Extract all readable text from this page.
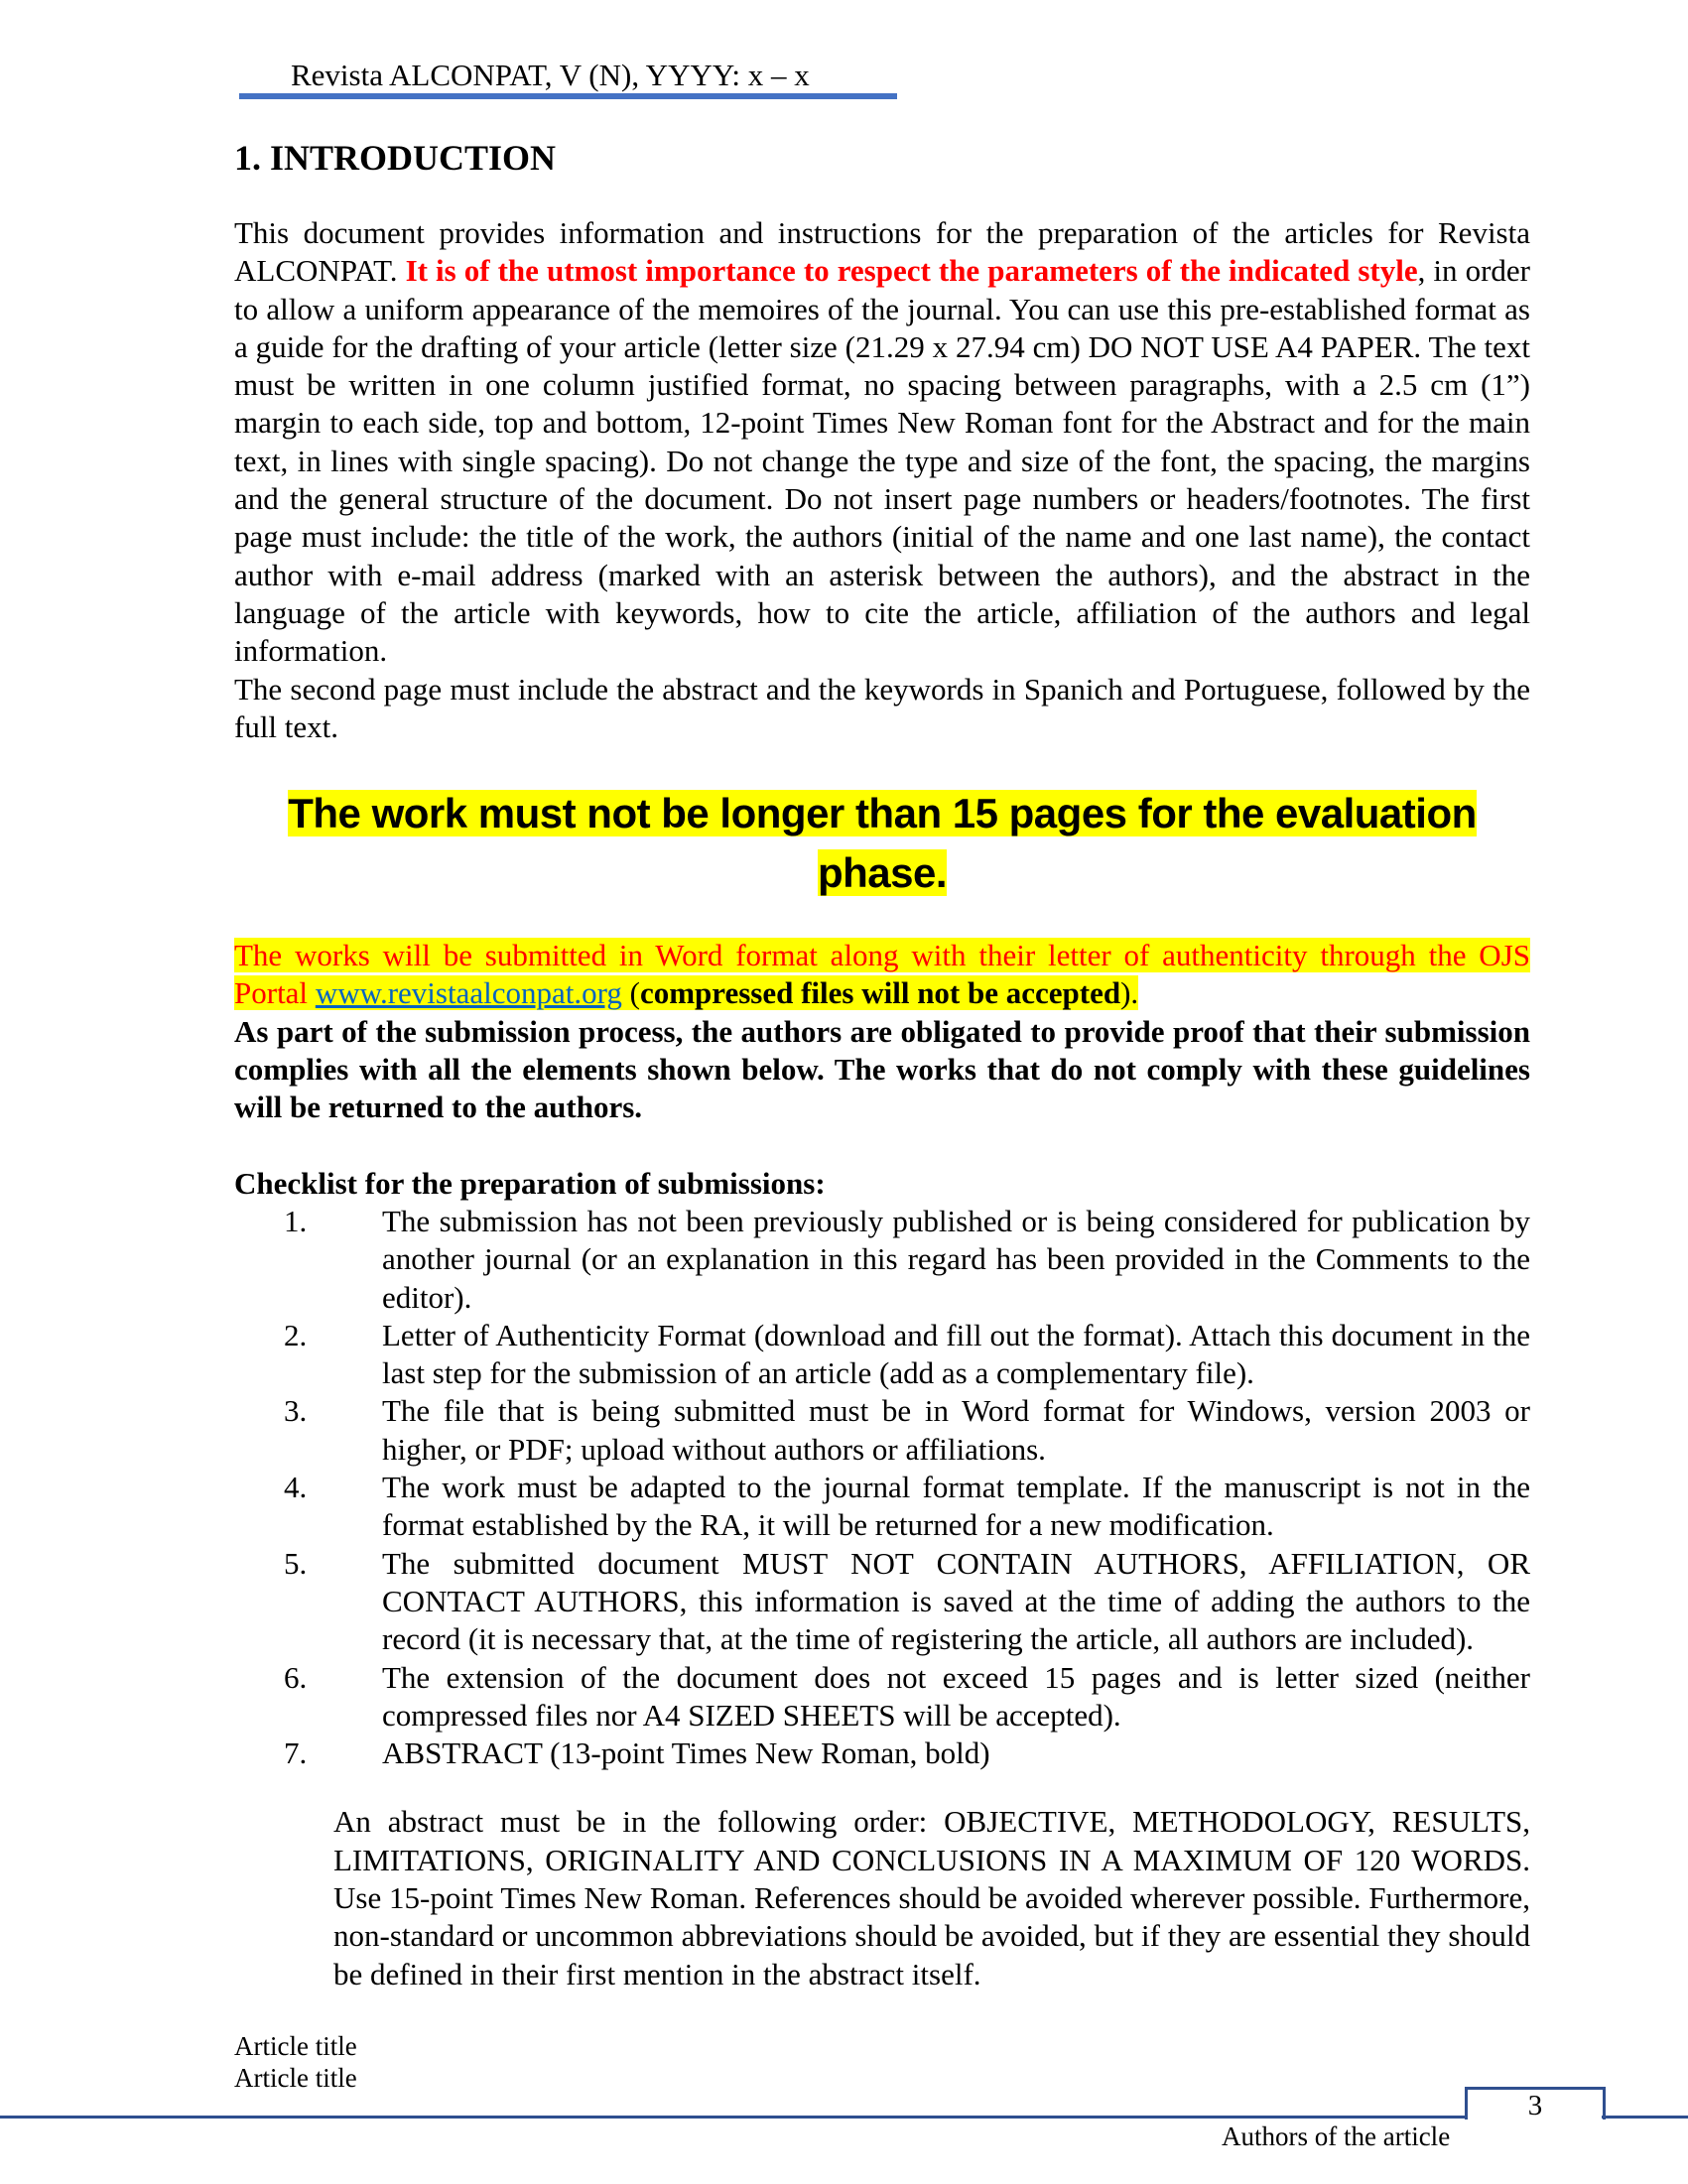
Revista ALCONPAT, V (N), YYYY: x – x
1. INTRODUCTION

This document provides information and instructions for the preparation of the articles for Revista ALCONPAT. It is of the utmost importance to respect the parameters of the indicated style, in order to allow a uniform appearance of the memoires of the journal. You can use this pre-established format as a guide for the drafting of your article (letter size (21.29 x 27.94 cm) DO NOT USE A4 PAPER. The text must be written in one column justified format, no spacing between paragraphs, with a 2.5 cm (1”) margin to each side, top and bottom, 12-point Times New Roman font for the Abstract and for the main text, in lines with single spacing). Do not change the type and size of the font, the spacing, the margins and the general structure of the document. Do not insert page numbers or headers/footnotes. The first page must include: the title of the work, the authors (initial of the name and one last name), the contact author with e-mail address (marked with an asterisk between the authors), and the abstract in the language of the article with keywords, how to cite the article, affiliation of the authors and legal information.

The second page must include the abstract and the keywords in Spanich and Portuguese, followed by the full text.

The work must not be longer than 15 pages for the evaluation phase.

The works will be submitted in Word format along with their letter of authenticity through the OJS Portal www.revistaalconpat.org (compressed files will not be accepted).

As part of the submission process, the authors are obligated to provide proof that their submission complies with all the elements shown below. The works that do not comply with these guidelines will be returned to the authors.

Checklist for the preparation of submissions:
1. The submission has not been previously published or is being considered for publication by another journal (or an explanation in this regard has been provided in the Comments to the editor).
2. Letter of Authenticity Format (download and fill out the format). Attach this document in the last step for the submission of an article (add as a complementary file).
3. The file that is being submitted must be in Word format for Windows, version 2003 or higher, or PDF; upload without authors or affiliations.
4. The work must be adapted to the journal format template. If the manuscript is not in the format established by the RA, it will be returned for a new modification.
5. The submitted document MUST NOT CONTAIN AUTHORS, AFFILIATION, OR CONTACT AUTHORS, this information is saved at the time of adding the authors to the record (it is necessary that, at the time of registering the article, all authors are included).
6. The extension of the document does not exceed 15 pages and is letter sized (neither compressed files nor A4 SIZED SHEETS will be accepted).
7. ABSTRACT (13-point Times New Roman, bold)

An abstract must be in the following order: OBJECTIVE, METHODOLOGY, RESULTS, LIMITATIONS, ORIGINALITY AND CONCLUSIONS IN A MAXIMUM OF 120 WORDS. Use 15-point Times New Roman. References should be avoided wherever possible. Furthermore, non-standard or uncommon abbreviations should be avoided, but if they are essential they should be defined in their first mention in the abstract itself.

Article title
Article title
3
Authors of the article
